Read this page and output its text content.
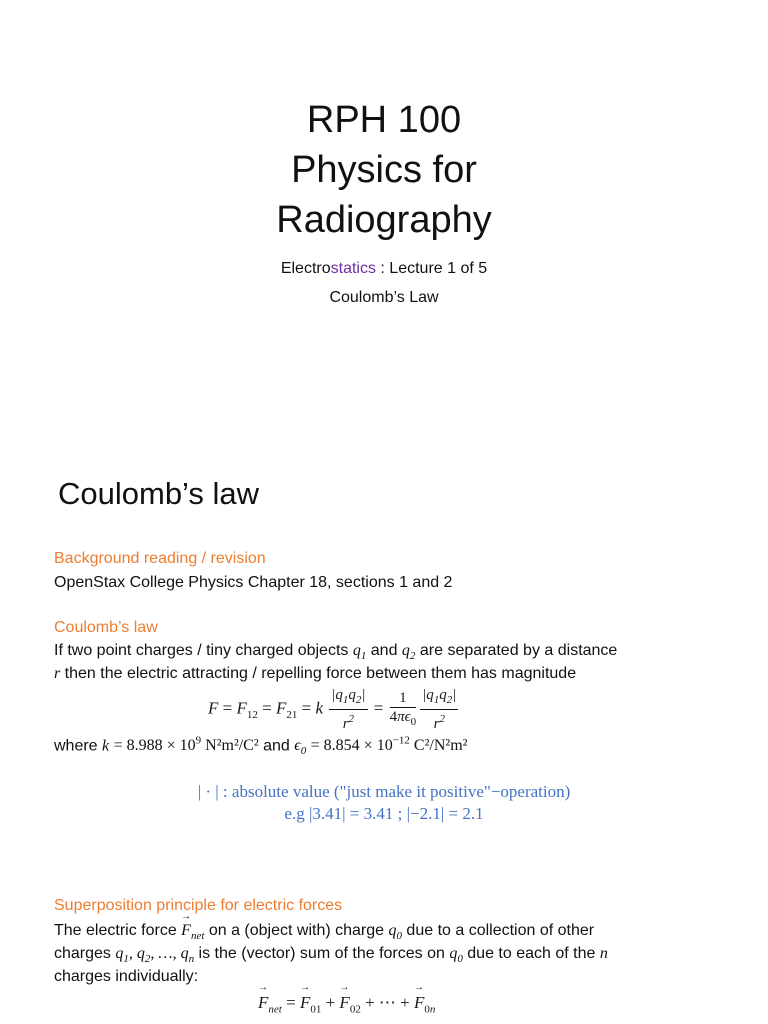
RPH 100
Physics for
Radiography
Electrostatics : Lecture 1 of 5
Coulomb’s Law
Coulomb’s law
Background reading / revision
OpenStax College Physics Chapter 18, sections 1 and 2
Coulomb’s law
If two point charges / tiny charged objects $q_1$ and $q_2$ are separated by a distance
r then the electric attracting / repelling force between them has magnitude
$F = F_{12} = F_{21} = k \frac{|q_1q_2|}{r^2} = \frac{1}{4\pi\epsilon_0} \frac{|q_1q_2|}{r^2}$
where $k = 8.988 \times 10^9$ N²m²/C² and $\epsilon_0 = 8.854 \times 10^{-12}$ C²/N²m²
| · | : absolute value ("just make it positive"−operation)
e.g |3.41| = 3.41 ; |−2.1| = 2.1
Superposition principle for electric forces
The electric force → $F_{net}$ on a (object with) charge $q_0$ due to a collection of other
charges $q_1$, $q_2$, …, $q_n$ is the (vector) sum of the forces on $q_0$ due to each of the n
charges individually:
→ $F_{net}$ = → $F_{01}$ + → $F_{02}$ + ⋯ + → $F_{0n}$
